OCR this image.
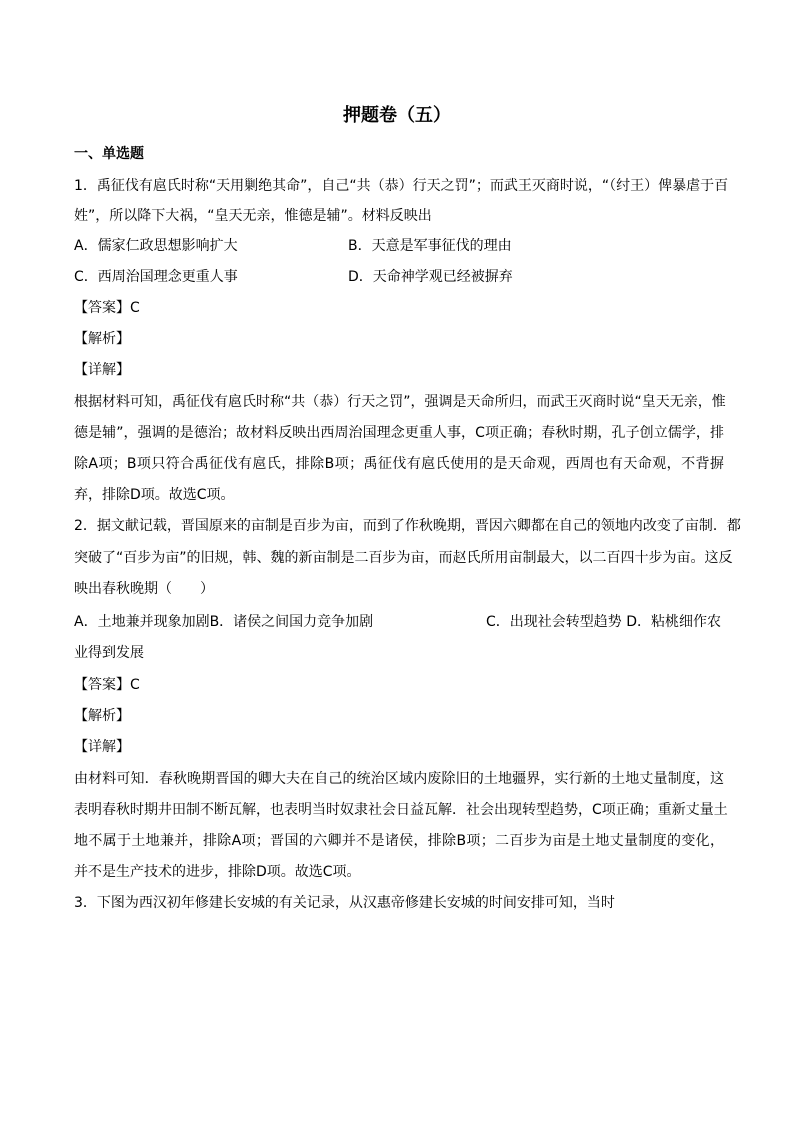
押题卷（五）
一、单选题
1．禹征伐有扈氏时称“天用剿绝其命”，自己“共（恭）行天之罚”；而武王灭商时说，“（纣王）俾暴虐于百
姓”，所以降下大祸，“皇天无亲，惟德是辅”。材料反映出
A．儒家仁政思想影响扩大	B．天意是军事征伐的理由
C．西周治国理念更重人事	D．天命神学观已经被摒弃
【答案】C
【解析】
【详解】
根据材料可知，禹征伐有扈氏时称“共（恭）行天之罚”，强调是天命所归，而武王灭商时说“皇天无亲，惟
德是辅”，强调的是德治；故材料反映出西周治国理念更重人事，C项正确；春秋时期，孔子创立儒学，排
除A项；B项只符合禹征伐有扈氏，排除B项；禹征伐有扈氏使用的是天命观，西周也有天命观，不背摒
弃，排除D项。故选C项。
2．据文献记载，晋国原来的亩制是百步为亩，而到了作秋晚期，晋因六卿都在自己的领地内改变了亩制．都
突破了“百步为亩”的旧规，韩、魏的新亩制是二百步为亩，而赵氏所用亩制最大，以二百四十步为亩。这反
映出春秋晚期（　　）
A．土地兼并现象加剧B．诸侯之间国力竞争加剧	C．出现社会转型趋势 D．粘桃细作农
业得到发展
【答案】C
【解析】
【详解】
由材料可知．春秋晚期晋国的卿大夫在自己的统治区域内废除旧的土地疆界，实行新的土地丈量制度，这
表明春秋时期井田制不断瓦解，也表明当时奴隶社会日益瓦解．社会出现转型趋势，C项正确；重新丈量土
地不属于土地兼并，排除A项；晋国的六卿并不是诸侯，排除B项；二百步为亩是土地丈量制度的变化，
并不是生产技术的进步，排除D项。故选C项。
3．下图为西汉初年修建长安城的有关记录，从汉惠帝修建长安城的时间安排可知，当时
